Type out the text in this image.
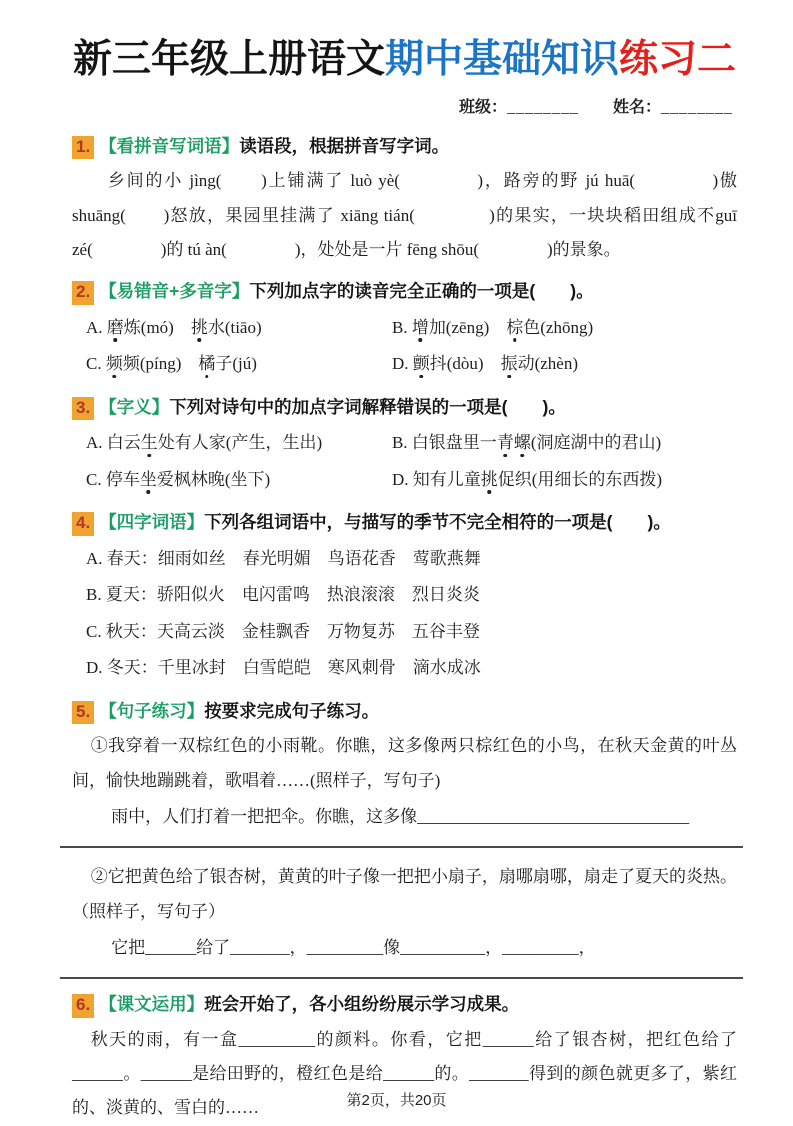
新三年级上册语文期中基础知识练习二
班级：________ 姓名：________
1. 【看拼音写词语】 读语段，根据拼音写字词。

乡间的小 jìng(　　)上铺满了 luò yè(　　　　)，路旁的野 jú huā(　　　　)傲shuāng(　　)怒放，果园里挂满了 xiāng tián(　　　　)的果实，一块块稻田组成不guī zé(　　　　)的 tú àn(　　　　)，处处是一片 fēng shōu(　　　　)的景象。

2. 【易错音+多音字】 下列加点字的读音完全正确的一项是(　　)。
A. 磨炼(mó)　挑水(tiāo)	B. 增加(zēng)　棕色(zhōng)
C. 频频(píng)　橘子(jú)	D. 颤抖(dòu)　振动(zhèn)
3. 【字义】 下列对诗句中的加点字词解释错误的一项是(　　)。
A. 白云生处有人家(产生，生出)	B. 白银盘里一青螺(洞庭湖中的君山)
C. 停车坐爱枫林晚(坐下)	D. 知有儿童挑促织(用细长的东西拨)
4. 【四字词语】 下列各组词语中，与描写的季节不完全相符的一项是(　　)。
A. 春天：细雨如丝　春光明媚　鸟语花香　莺歌燕舞
B. 夏天：骄阳似火　电闪雷鸣　热浪滚滚　烈日炎炎
C. 秋天：天高云淡　金桂飘香　万物复苏　五谷丰登
D. 冬天：千里冰封　白雪皑皑　寒风刺骨　滴水成冰
5. 【句子练习】 按要求完成句子练习。

①我穿着一双棕红色的小雨靴。你瞧，这多像两只棕红色的小鸟，在秋天金黄的叶丛间，愉快地蹦跳着，歌唱着……(照样子，写句子)

雨中，人们打着一把把伞。你瞧，这多像________________________________

②它把黄色给了银杏树，黄黄的叶子像一把把小扇子，扇哪扇哪，扇走了夏天的炎热。（照样子，写句子）

它把______给了_______，_________像__________，_________，

6. 【课文运用】 班会开始了，各小组纷纷展示学习成果。

秋天的雨，有一盒_________的颜料。你看，它把______给了银杏树，把红色给了______。______是给田野的，橙红色是给______的。_______得到的颜色就更多了，紫红的、淡黄的、雪白的……	第2页，共20页
